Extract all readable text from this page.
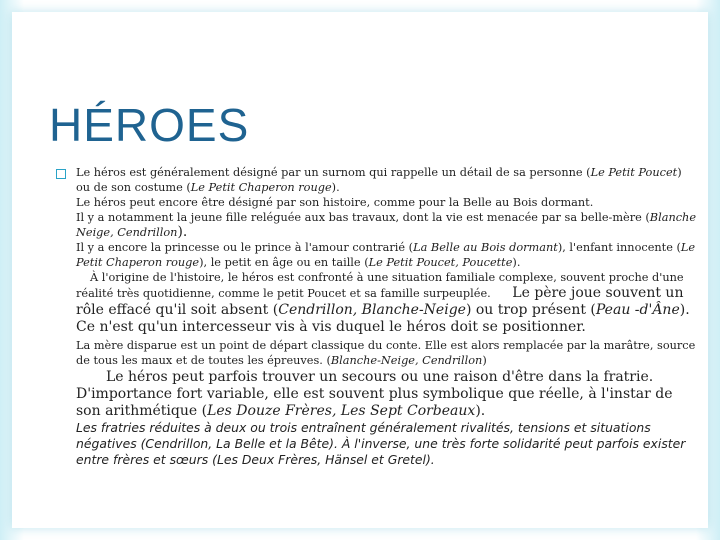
HÉROES

Le héros est généralement désigné par un surnom qui rappelle un détail de sa personne (Le Petit Poucet) ou de son costume (Le Petit Chaperon rouge).

Le héros peut encore être désigné par son histoire, comme pour la Belle au Bois dormant.

Il y a notamment la jeune fille reléguée aux bas travaux, dont la vie est menacée par sa belle-mère (Blanche Neige, Cendrillon).

Il y a encore la princesse ou le prince à l'amour contrarié (La Belle au Bois dormant), l'enfant innocente (Le Petit Chaperon rouge), le petit en âge ou en taille (Le Petit Poucet, Poucette).

À l'origine de l'histoire, le héros est confronté à une situation familiale complexe, souvent proche d'une réalité très quotidienne, comme le petit Poucet et sa famille surpeuplée. Le père joue souvent un rôle effacé qu'il soit absent (Cendrillon, Blanche-Neige) ou trop présent (Peau -d'Âne). Ce n'est qu'un intercesseur vis à vis duquel le héros doit se positionner.

La mère disparue est un point de départ classique du conte. Elle est alors remplacée par la marâtre, source de tous les maux et de toutes les épreuves. (Blanche-Neige, Cendrillon)

Le héros peut parfois trouver un secours ou une raison d'être dans la fratrie. D'importance fort variable, elle est souvent plus symbolique que réelle, à l'instar de son arithmétique (Les Douze Frères, Les Sept Corbeaux).

Les fratries réduites à deux ou trois entraînent généralement rivalités, tensions et situations négatives (Cendrillon, La Belle et la Bête). À l'inverse, une très forte solidarité peut parfois exister entre frères et sœurs (Les Deux Frères, Hänsel et Gretel).
